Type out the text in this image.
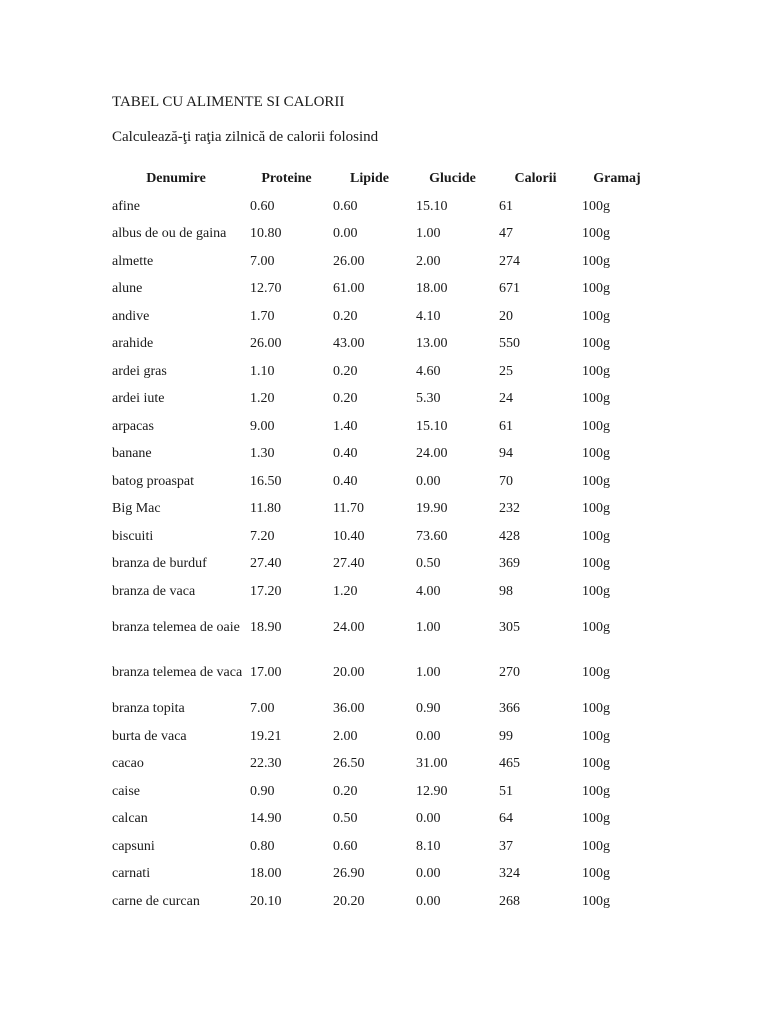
TABEL CU ALIMENTE SI CALORII
Calculează-ţi raţia zilnică de calorii folosind
Denumire	Proteine	Lipide	Glucide	Calorii	Gramaj
afine	0.60	0.60	15.10	61	100g
albus de ou de gaina	10.80	0.00	1.00	47	100g
almette	7.00	26.00	2.00	274	100g
alune	12.70	61.00	18.00	671	100g
andive	1.70	0.20	4.10	20	100g
arahide	26.00	43.00	13.00	550	100g
ardei gras	1.10	0.20	4.60	25	100g
ardei iute	1.20	0.20	5.30	24	100g
arpacas	9.00	1.40	15.10	61	100g
banane	1.30	0.40	24.00	94	100g
batog proaspat	16.50	0.40	0.00	70	100g
Big Mac	11.80	11.70	19.90	232	100g
biscuiti	7.20	10.40	73.60	428	100g
branza de burduf	27.40	27.40	0.50	369	100g
branza de vaca	17.20	1.20	4.00	98	100g
branza telemea de oaie	18.90	24.00	1.00	305	100g
branza telemea de vaca	17.00	20.00	1.00	270	100g
branza topita	7.00	36.00	0.90	366	100g
burta de vaca	19.21	2.00	0.00	99	100g
cacao	22.30	26.50	31.00	465	100g
caise	0.90	0.20	12.90	51	100g
calcan	14.90	0.50	0.00	64	100g
capsuni	0.80	0.60	8.10	37	100g
carnati	18.00	26.90	0.00	324	100g
carne de curcan	20.10	20.20	0.00	268	100g
